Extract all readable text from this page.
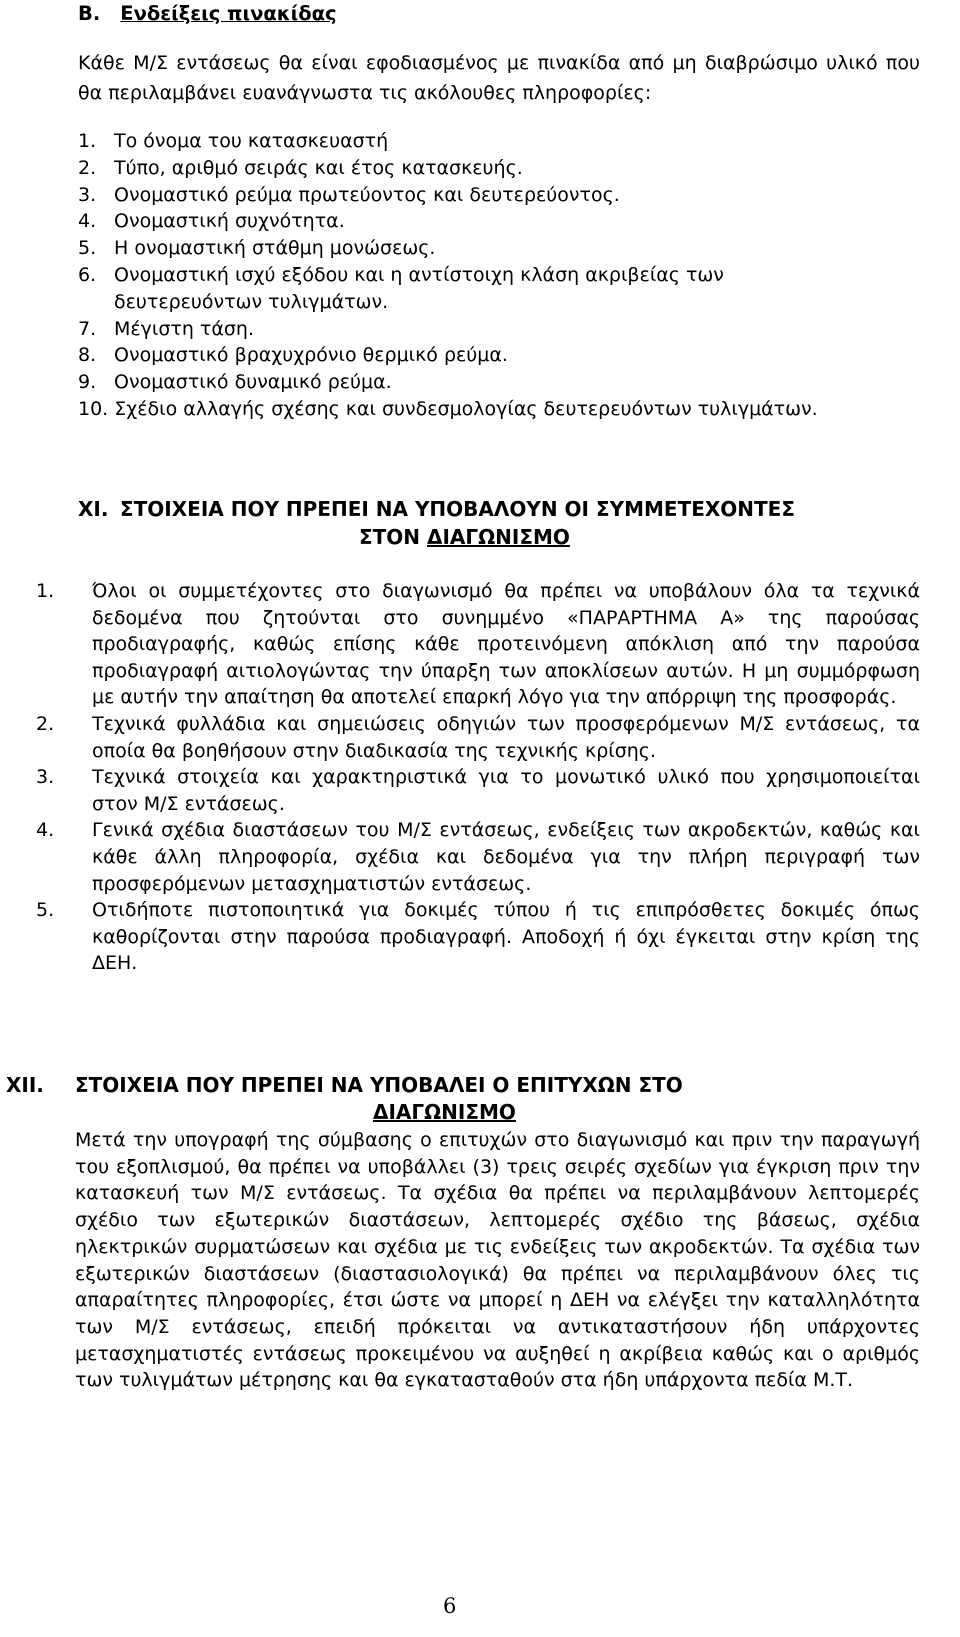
B. Ενδείξεις πινακίδας
Κάθε Μ/Σ εντάσεως θα είναι εφοδιασμένος με πινακίδα από μη διαβρώσιμο υλικό που θα περιλαμβάνει ευανάγνωστα τις ακόλουθες πληροφορίες:
1. Το όνομα του κατασκευαστή
2. Τύπο, αριθμό σειράς και έτος κατασκευής.
3. Ονομαστικό ρεύμα πρωτεύοντος και δευτερεύοντος.
4. Ονομαστική συχνότητα.
5. Η ονομαστική στάθμη μονώσεως.
6. Ονομαστική ισχύ εξόδου και η αντίστοιχη κλάση ακριβείας των δευτερευόντων τυλιγμάτων.
7. Μέγιστη τάση.
8. Ονομαστικό βραχυχρόνιο θερμικό ρεύμα.
9. Ονομαστικό δυναμικό ρεύμα.
10. Σχέδιο αλλαγής σχέσης και συνδεσμολογίας δευτερευόντων τυλιγμάτων.
XI. ΣΤΟΙΧΕΙΑ ΠΟΥ ΠΡΕΠΕΙ ΝΑ ΥΠΟΒΑΛΟΥΝ ΟΙ ΣΥΜΜΕΤΕΧΟΝΤΕΣ
ΣΤΟΝ ΔΙΑΓΩΝΙΣΜΟ
1. Όλοι οι συμμετέχοντες στο διαγωνισμό θα πρέπει να υποβάλουν όλα τα τεχνικά δεδομένα που ζητούνται στο συνημμένο «ΠΑΡΑΡΤΗΜΑ Α» της παρούσας προδιαγραφής, καθώς επίσης κάθε προτεινόμενη απόκλιση από την παρούσα προδιαγραφή αιτιολογώντας την ύπαρξη των αποκλίσεων αυτών. Η μη συμμόρφωση με αυτήν την απαίτηση θα αποτελεί επαρκή λόγο για την απόρριψη της προσφοράς.
2. Τεχνικά φυλλάδια και σημειώσεις οδηγιών των προσφερόμενων Μ/Σ εντάσεως, τα οποία θα βοηθήσουν στην διαδικασία της τεχνικής κρίσης.
3. Τεχνικά στοιχεία και χαρακτηριστικά για το μονωτικό υλικό που χρησιμοποιείται στον Μ/Σ εντάσεως.
4. Γενικά σχέδια διαστάσεων του Μ/Σ εντάσεως, ενδείξεις των ακροδεκτών, καθώς και κάθε άλλη πληροφορία, σχέδια και δεδομένα για την πλήρη περιγραφή των προσφερόμενων μετασχηματιστών εντάσεως.
5. Οτιδήποτε πιστοποιητικά για δοκιμές τύπου ή τις επιπρόσθετες δοκιμές όπως καθορίζονται στην παρούσα προδιαγραφή. Αποδοχή ή όχι έγκειται στην κρίση της ΔΕΗ.
XII. ΣΤΟΙΧΕΙΑ ΠΟΥ ΠΡΕΠΕΙ ΝΑ ΥΠΟΒΑΛΕΙ Ο ΕΠΙΤΥΧΩΝ ΣΤΟ
ΔΙΑΓΩΝΙΣΜΟ
Μετά την υπογραφή της σύμβασης ο επιτυχών στο διαγωνισμό και πριν την παραγωγή του εξοπλισμού, θα πρέπει να υποβάλλει (3) τρεις σειρές σχεδίων για έγκριση πριν την κατασκευή των Μ/Σ εντάσεως. Τα σχέδια θα πρέπει να περιλαμβάνουν λεπτομερές σχέδιο των εξωτερικών διαστάσεων, λεπτομερές σχέδιο της βάσεως, σχέδια ηλεκτρικών συρματώσεων και σχέδια με τις ενδείξεις των ακροδεκτών. Τα σχέδια των εξωτερικών διαστάσεων (διαστασιολογικά) θα πρέπει να περιλαμβάνουν όλες τις απαραίτητες πληροφορίες, έτσι ώστε να μπορεί η ΔΕΗ να ελέγξει την καταλληλότητα των Μ/Σ εντάσεως, επειδή πρόκειται να αντικαταστήσουν ήδη υπάρχοντες μετασχηματιστές εντάσεως προκειμένου να αυξηθεί η ακρίβεια καθώς και ο αριθμός των τυλιγμάτων μέτρησης και θα εγκατασταθούν στα ήδη υπάρχοντα πεδία Μ.Τ.
6
